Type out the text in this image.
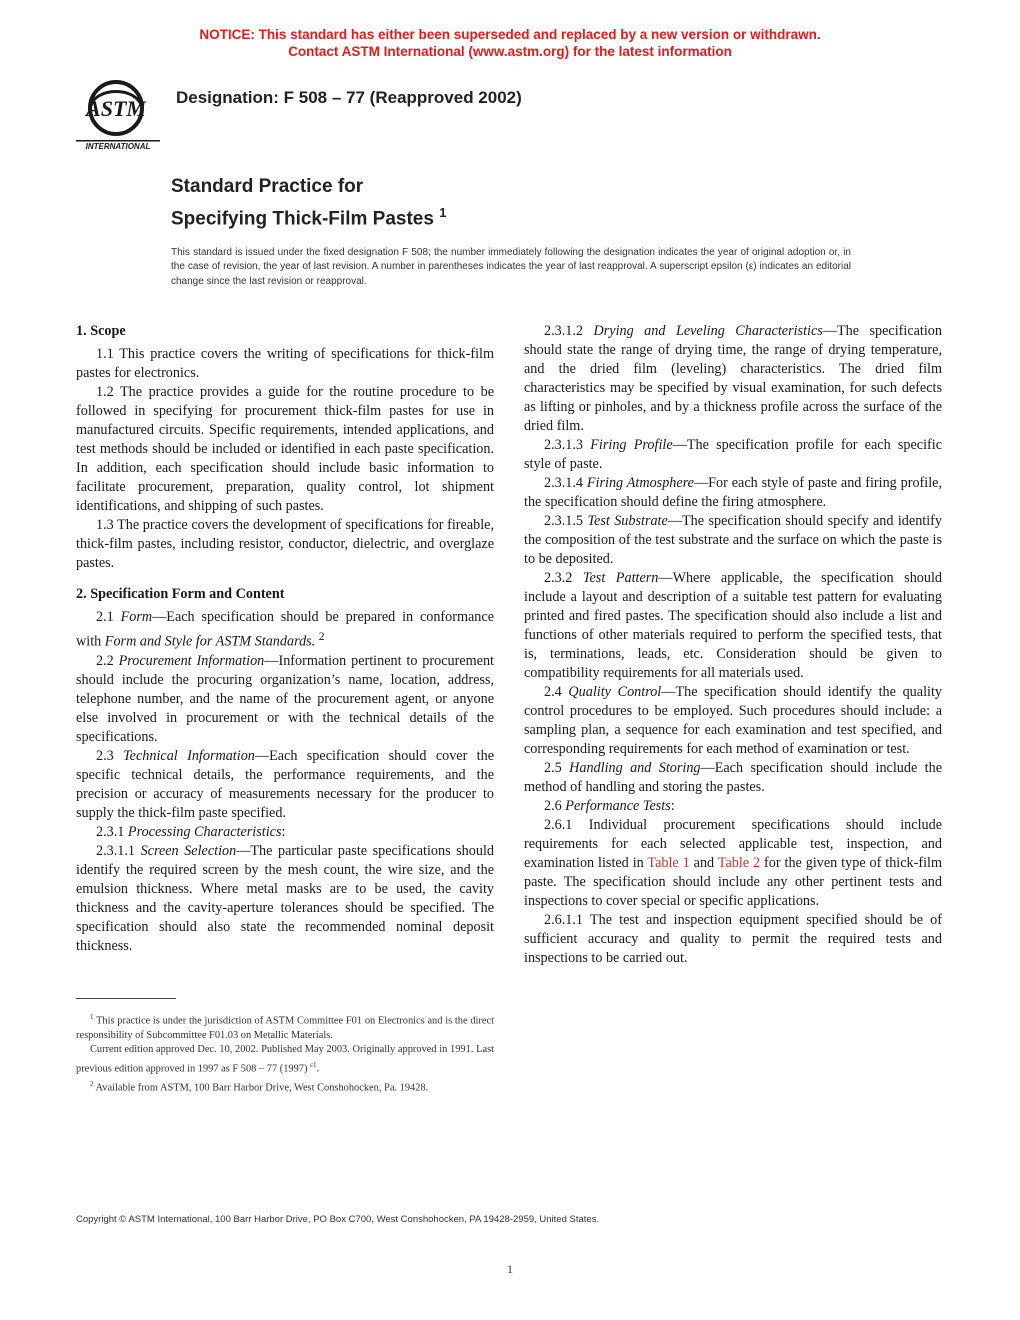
NOTICE: This standard has either been superseded and replaced by a new version or withdrawn.
Contact ASTM International (www.astm.org) for the latest information
ASTM
INTERNATIONAL
Designation: F 508 – 77 (Reapproved 2002)
Standard Practice for
Specifying Thick-Film Pastes $^1$
This standard is issued under the fixed designation F 508; the number immediately following the designation indicates the year of original adoption or, in the case of revision, the year of last revision. A number in parentheses indicates the year of last reapproval. A superscript epsilon (ε) indicates an editorial change since the last revision or reapproval.
1. Scope

1.1 This practice covers the writing of specifications for thick-film pastes for electronics.

1.2 The practice provides a guide for the routine procedure to be followed in specifying for procurement thick-film pastes for use in manufactured circuits. Specific requirements, intended applications, and test methods should be included or identified in each paste specification. In addition, each specification should include basic information to facilitate procurement, preparation, quality control, lot shipment identifications, and shipping of such pastes.

1.3 The practice covers the development of specifications for fireable, thick-film pastes, including resistor, conductor, dielectric, and overglaze pastes.

2. Specification Form and Content

2.1 Form—Each specification should be prepared in conformance with Form and Style for ASTM Standards. $^2$

2.2 Procurement Information—Information pertinent to procurement should include the procuring organization’s name, location, address, telephone number, and the name of the procurement agent, or anyone else involved in procurement or with the technical details of the specifications.

2.3 Technical Information—Each specification should cover the specific technical details, the performance requirements, and the precision or accuracy of measurements necessary for the producer to supply the thick-film paste specified.

2.3.1 Processing Characteristics:

2.3.1.1 Screen Selection—The particular paste specifications should identify the required screen by the mesh count, the wire size, and the emulsion thickness. Where metal masks are to be used, the cavity thickness and the cavity-aperture tolerances should be specified. The specification should also state the recommended nominal deposit thickness.

2.3.1.2 Drying and Leveling Characteristics—The specification should state the range of drying time, the range of drying temperature, and the dried film (leveling) characteristics. The dried film characteristics may be specified by visual examination, for such defects as lifting or pinholes, and by a thickness profile across the surface of the dried film.

2.3.1.3 Firing Profile—The specification profile for each specific style of paste.

2.3.1.4 Firing Atmosphere—For each style of paste and firing profile, the specification should define the firing atmosphere.

2.3.1.5 Test Substrate—The specification should specify and identify the composition of the test substrate and the surface on which the paste is to be deposited.

2.3.2 Test Pattern—Where applicable, the specification should include a layout and description of a suitable test pattern for evaluating printed and fired pastes. The specification should also include a list and functions of other materials required to perform the specified tests, that is, terminations, leads, etc. Consideration should be given to compatibility requirements for all materials used.

2.4 Quality Control—The specification should identify the quality control procedures to be employed. Such procedures should include: a sampling plan, a sequence for each examination and test specified, and corresponding requirements for each method of examination or test.

2.5 Handling and Storing—Each specification should include the method of handling and storing the pastes.

2.6 Performance Tests:

2.6.1 Individual procurement specifications should include requirements for each selected applicable test, inspection, and examination listed in Table 1 and Table 2 for the given type of thick-film paste. The specification should include any other pertinent tests and inspections to cover special or specific applications.

2.6.1.1 The test and inspection equipment specified should be of sufficient accuracy and quality to permit the required tests and inspections to be carried out.

$^1$ This practice is under the jurisdiction of ASTM Committee F01 on Electronics and is the direct responsibility of Subcommittee F01.03 on Metallic Materials.

Current edition approved Dec. 10, 2002. Published May 2003. Originally approved in 1991. Last previous edition approved in 1997 as F 508 – 77 (1997) $^{\varepsilon 1}$.

$^2$ Available from ASTM, 100 Barr Harbor Drive, West Conshohocken, Pa. 19428.

Copyright © ASTM International, 100 Barr Harbor Drive, PO Box C700, West Conshohocken, PA 19428-2959, United States.
1
